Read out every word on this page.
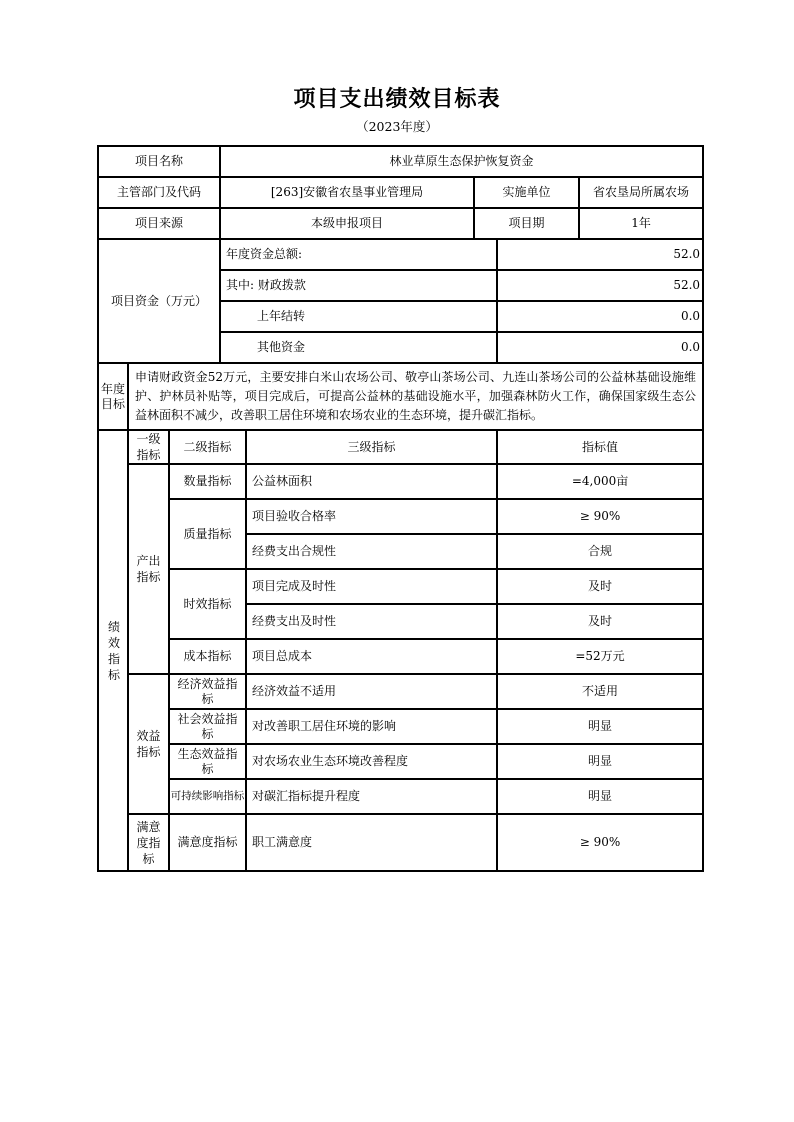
项目支出绩效目标表
（2023年度）
项目名称			林业草原生态保护恢复资金				
主管部门及代码			[263]安徽省农垦事业管理局		实施单位		省农垦局所属农场
项目来源			本级申报项目		项目期		1年
项目资金（万元）			年度资金总额:			52.0	
			其中: 财政拨款			52.0	
			上年结转			0.0	
			其他资金			0.0	
年度目标	申请财政资金52万元，主要安排白米山农场公司、敬亭山茶场公司、九连山茶场公司的公益林基础设施维护、护林员补贴等，项目完成后，可提高公益林的基础设施水平，加强森林防火工作，确保国家级生态公益林面积不减少，改善职工居住环境和农场农业的生态环境，提升碳汇指标。						
绩效指标	一级指标	二级指标		三级指标		指标值	
	产出指标	数量指标		公益林面积		=4,000亩	
		质量指标		项目验收合格率		≥ 90%	
				经费支出合规性		合规	
		时效指标		项目完成及时性		及时	
				经费支出及时性		及时	
		成本指标		项目总成本		=52万元	
	效益指标	经济效益指标		经济效益不适用		不适用	
		社会效益指标		对改善职工居住环境的影响		明显	
		生态效益指标		对农场农业生态环境改善程度		明显	
		可持续影响指标		对碳汇指标提升程度		明显	
	满意度指标	满意度指标		职工满意度		≥ 90%	
